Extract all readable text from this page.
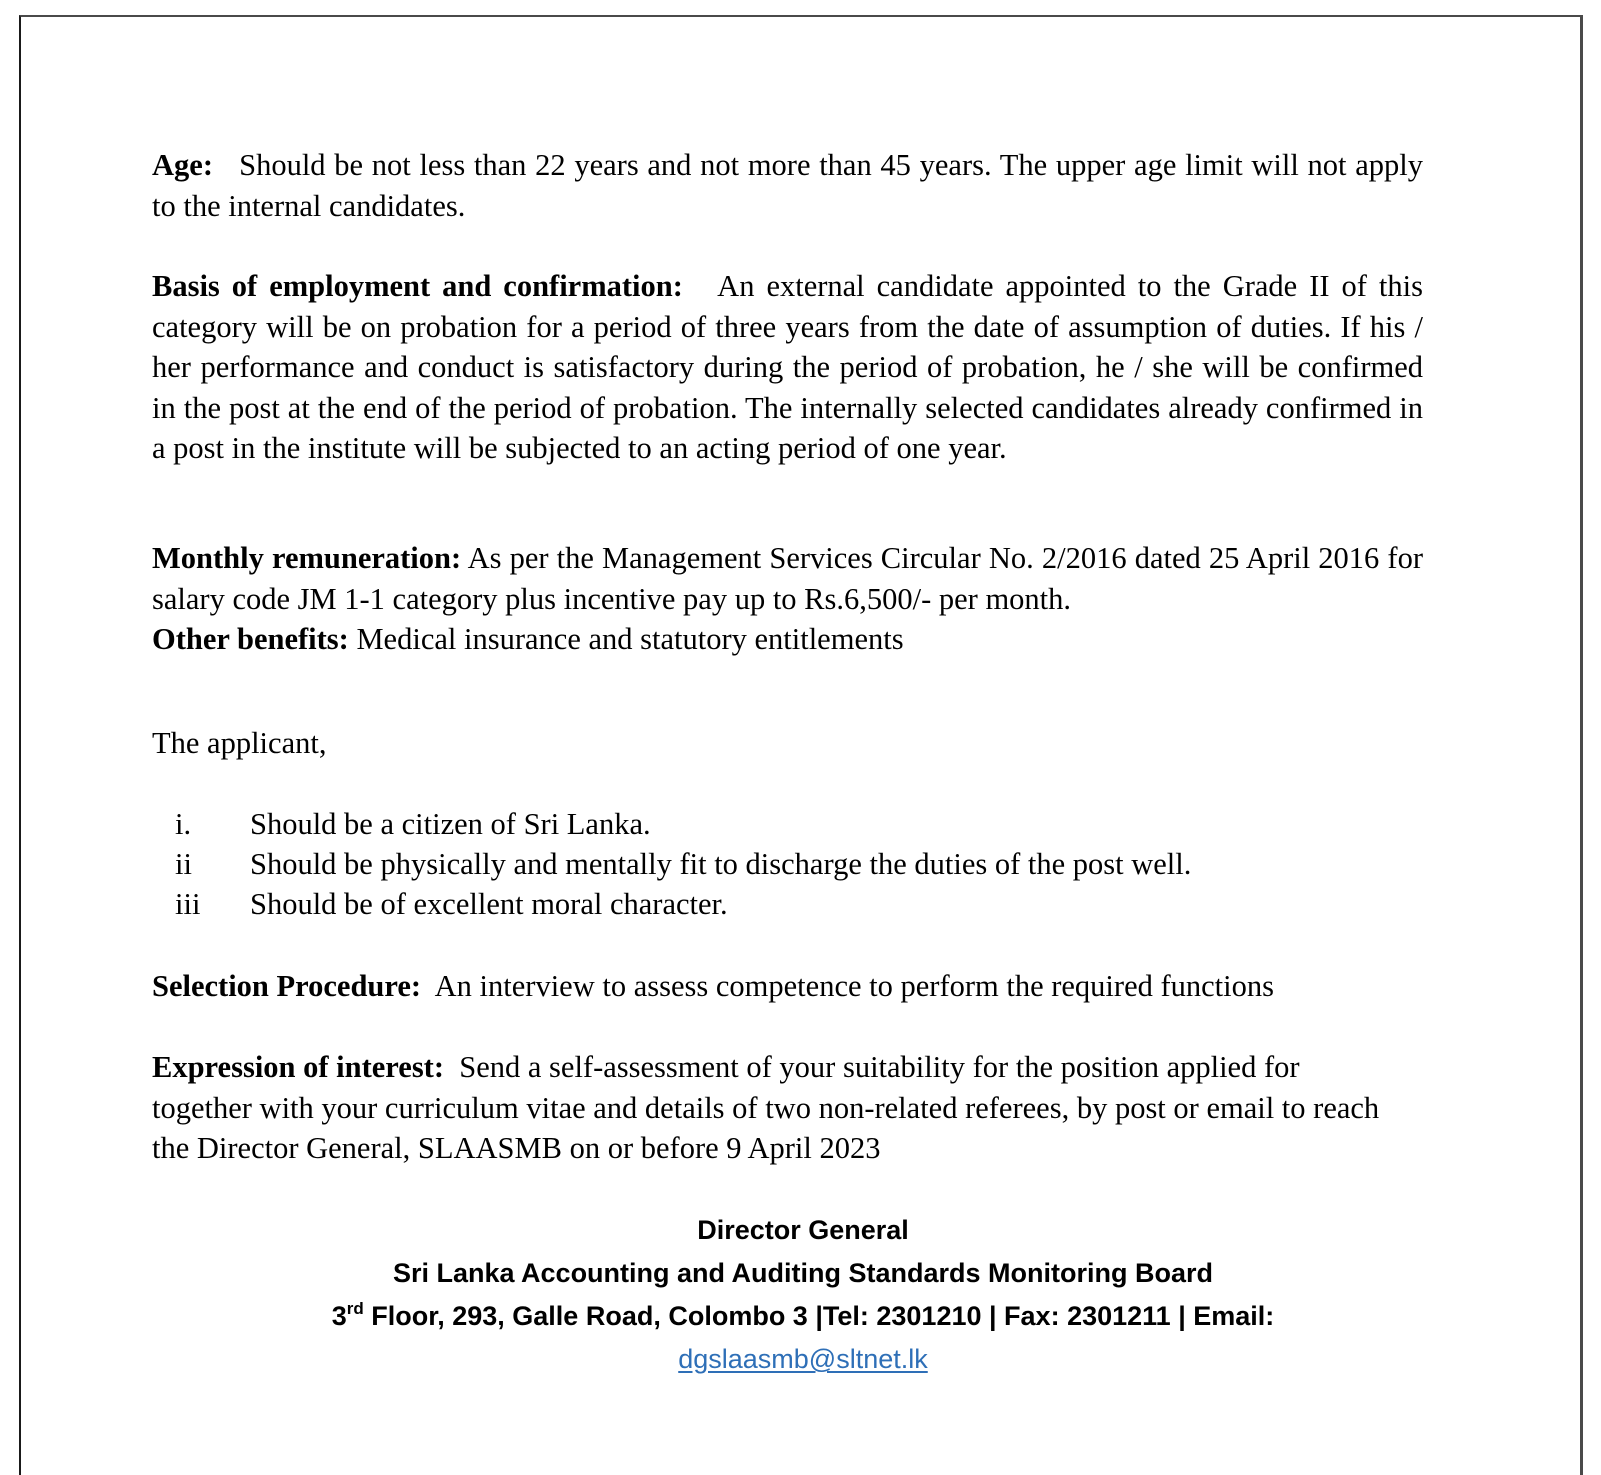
Age: Should be not less than 22 years and not more than 45 years. The upper age limit will not apply to the internal candidates.

Basis of employment and confirmation: An external candidate appointed to the Grade II of this category will be on probation for a period of three years from the date of assumption of duties. If his / her performance and conduct is satisfactory during the period of probation, he / she will be confirmed in the post at the end of the period of probation. The internally selected candidates already confirmed in a post in the institute will be subjected to an acting period of one year.

Monthly remuneration: As per the Management Services Circular No. 2/2016 dated 25 April 2016 for salary code JM 1-1 category plus incentive pay up to Rs.6,500/- per month.

Other benefits: Medical insurance and statutory entitlements

The applicant,

i. Should be a citizen of Sri Lanka.
ii Should be physically and mentally fit to discharge the duties of the post well.
iii Should be of excellent moral character.

Selection Procedure: An interview to assess competence to perform the required functions

Expression of interest: Send a self-assessment of your suitability for the position applied for together with your curriculum vitae and details of two non-related referees, by post or email to reach the Director General, SLAASMB on or before 9 April 2023

Director General
Sri Lanka Accounting and Auditing Standards Monitoring Board
3rd Floor, 293, Galle Road, Colombo 3 |Tel: 2301210 | Fax: 2301211 | Email:
dgslaasmb@sltnet.lk
